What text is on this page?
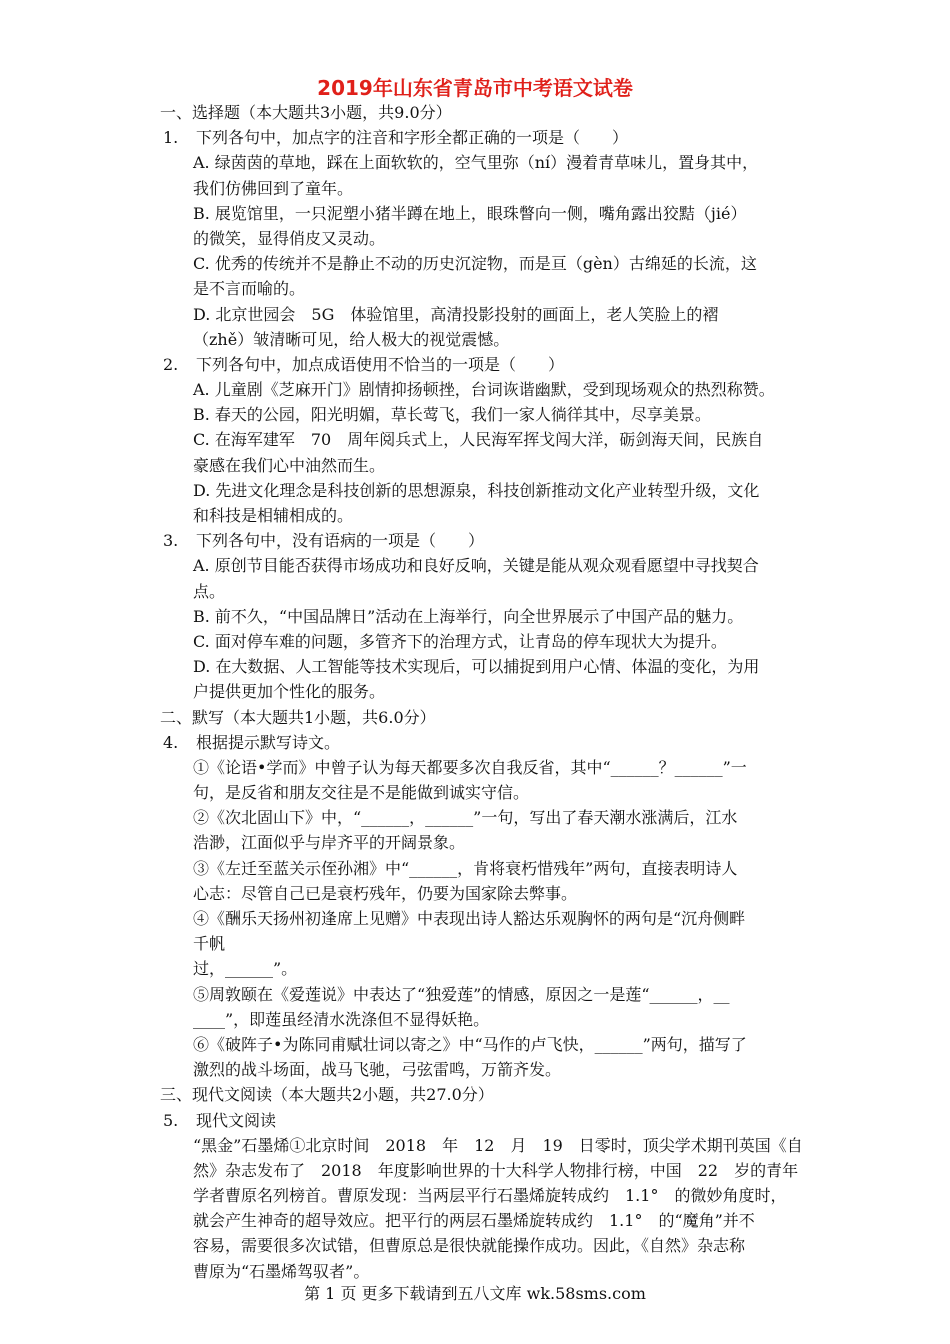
2019年山东省青岛市中考语文试卷
一、选择题（本大题共3小题，共9.0分）
1. 下列各句中，加点字的注音和字形全都正确的一项是（　　）
A. 绿茵茵的草地，踩在上面软软的，空气里弥（ní）漫着青草味儿，置身其中，
我们仿佛回到了童年。
B. 展览馆里，一只泥塑小猪半蹲在地上，眼珠瞥向一侧，嘴角露出狡黠（jié）
的微笑，显得俏皮又灵动。
C. 优秀的传统并不是静止不动的历史沉淀物，而是亘（gèn）古绵延的长流，这
是不言而喻的。
D. 北京世园会　5G　体验馆里，高清投影投射的画面上，老人笑脸上的褶
（zhě）皱清晰可见，给人极大的视觉震憾。
2. 下列各句中，加点成语使用不恰当的一项是（　　）
A. 儿童剧《芝麻开门》剧情抑扬顿挫，台词诙谐幽默，受到现场观众的热烈称赞。
B. 春天的公园，阳光明媚，草长莺飞，我们一家人徜徉其中，尽享美景。
C. 在海军建军　70　周年阅兵式上，人民海军挥戈闯大洋，砺剑海天间，民族自
豪感在我们心中油然而生。
D. 先进文化理念是科技创新的思想源泉，科技创新推动文化产业转型升级，文化
和科技是相辅相成的。
3. 下列各句中，没有语病的一项是（　　）
A. 原创节目能否获得市场成功和良好反响，关键是能从观众观看愿望中寻找契合
点。
B. 前不久，“中国品牌日”活动在上海举行，向全世界展示了中国产品的魅力。
C. 面对停车难的问题，多管齐下的治理方式，让青岛的停车现状大为提升。
D. 在大数据、人工智能等技术实现后，可以捕捉到用户心情、体温的变化，为用
户提供更加个性化的服务。
二、默写（本大题共1小题，共6.0分）
4. 根据提示默写诗文。
①《论语•学而》中曾子认为每天都要多次自我反省，其中“______？______”一
句，是反省和朋友交往是不是能做到诚实守信。
②《次北固山下》中，“______，______”一句，写出了春天潮水涨满后，江水
浩渺，江面似乎与岸齐平的开阔景象。
③《左迁至蓝关示侄孙湘》中“______，肯将衰朽惜残年”两句，直接表明诗人
心志：尽管自己已是衰朽残年，仍要为国家除去弊事。
④《酬乐天扬州初逢席上见赠》中表现出诗人豁达乐观胸怀的两句是“沉舟侧畔
千帆
过，______”。
⑤周敦颐在《爱莲说》中表达了“独爱莲”的情感，原因之一是莲“______，__
____”，即莲虽经清水洗涤但不显得妖艳。
⑥《破阵子•为陈同甫赋壮词以寄之》中“马作的卢飞快，______”两句，描写了
激烈的战斗场面，战马飞驰，弓弦雷鸣，万箭齐发。
三、现代文阅读（本大题共2小题，共27.0分）
5. 现代文阅读
“黑金”石墨烯①北京时间　2018　年　12　月　19　日零时，顶尖学术期刊英国《自
然》杂志发布了　2018　年度影响世界的十大科学人物排行榜，中国　22　岁的青年
学者曹原名列榜首。曹原发现：当两层平行石墨烯旋转成约　1.1°　的微妙角度时，
就会产生神奇的超导效应。把平行的两层石墨烯旋转成约　1.1°　的“魔角”并不
容易，需要很多次试错，但曹原总是很快就能操作成功。因此，《自然》杂志称
曹原为“石墨烯驾驭者”。
第 1 页 更多下载请到五八文库 wk.58sms.com
